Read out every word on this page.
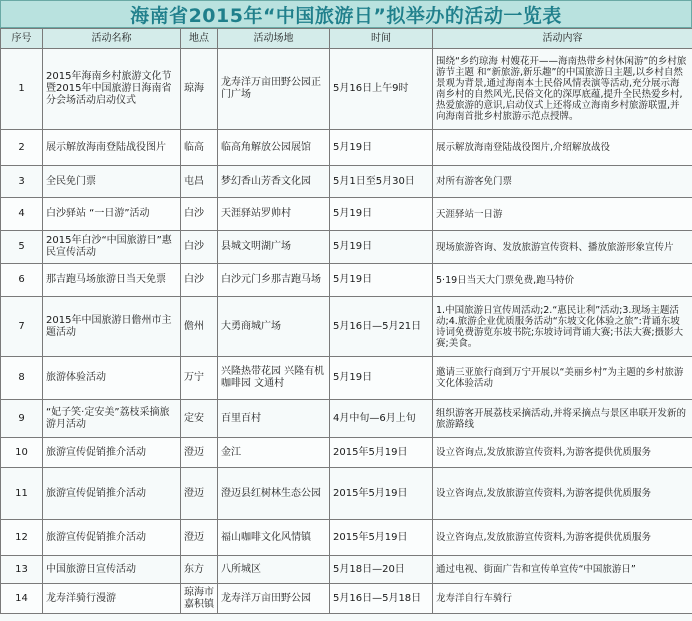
海南省2015年“中国旅游日”拟举办的活动一览表
序号	活动名称	地点	活动场地	时间	活动内容
1	2015年海南乡村旅游文化节暨2015年中国旅游日海南省分会场活动启动仪式	琼海	龙寿洋万亩田野公园正门广场	5月16日上午9时	围绕“乡约琼海 村嫂花开——海南热带乡村休闲游”的乡村旅游节主题 和“新旅游,新乐趣”的中国旅游日主题,以乡村自然景观为背景,通过海南本土民俗风情表演等活动,充分展示海南乡村的自然风光,民俗文化的深厚底蕴,提升全民热爱乡村,热爱旅游的意识,启动仪式上还将成立海南乡村旅游联盟,并向海南首批乡村旅游示范点授牌。
2	展示解放海南登陆战役图片	临高	临高角解放公园展馆	5月19日	展示解放海南登陆战役图片,介绍解放战役
3	全民免门票	屯昌	梦幻香山芳香文化园	5月1日至5月30日	对所有游客免门票
4	白沙驿站 “一日游”活动	白沙	天涯驿站罗帅村	5月19日	天涯驿站一日游
5	2015年白沙“中国旅游日”惠民宣传活动	白沙	县城文明湖广场	5月19日	现场旅游咨询、发放旅游宣传资料、播放旅游形象宣传片
6	那吉跑马场旅游日当天免票	白沙	白沙元门乡那吉跑马场	5月19日	5·19日当天大门票免费,跑马特价
7	2015年中国旅游日儋州市主题活动	儋州	大勇商城广场	5月16日—5月21日	1.中国旅游日宣传周活动;2.“惠民让利”活动;3.现场主题活动;4.旅游企业优质服务活动“东坡文化体验之旅”:背诵东坡诗词免费游览东坡书院;东坡诗词背诵大赛;书法大赛;摄影大赛;美食。
8	旅游体验活动	万宁	兴隆热带花园 兴隆有机咖啡园 文通村	5月19日	邀请三亚旅行商到万宁开展以“美丽乡村”为主题的乡村旅游文化体验活动
9	“妃子笑·定安美”荔枝采摘旅游月活动	定安	百里百村	4月中旬—6月上旬	组织游客开展荔枝采摘活动,并将采摘点与景区串联开发新的旅游路线
10	旅游宣传促销推介活动	澄迈	金江	2015年5月19日	设立咨询点,发放旅游宣传资料,为游客提供优质服务
11	旅游宣传促销推介活动	澄迈	澄迈县红树林生态公园	2015年5月19日	设立咨询点,发放旅游宣传资料,为游客提供优质服务
12	旅游宣传促销推介活动	澄迈	福山咖啡文化风情镇	2015年5月19日	设立咨询点,发放旅游宣传资料,为游客提供优质服务
13	中国旅游日宣传活动	东方	八所城区	5月18日—20日	通过电视、街面广告和宣传单宣传“中国旅游日”
14	龙寿洋骑行漫游	琼海市嘉积镇	龙寿洋万亩田野公园	5月16日—5月18日	龙寿洋自行车骑行
